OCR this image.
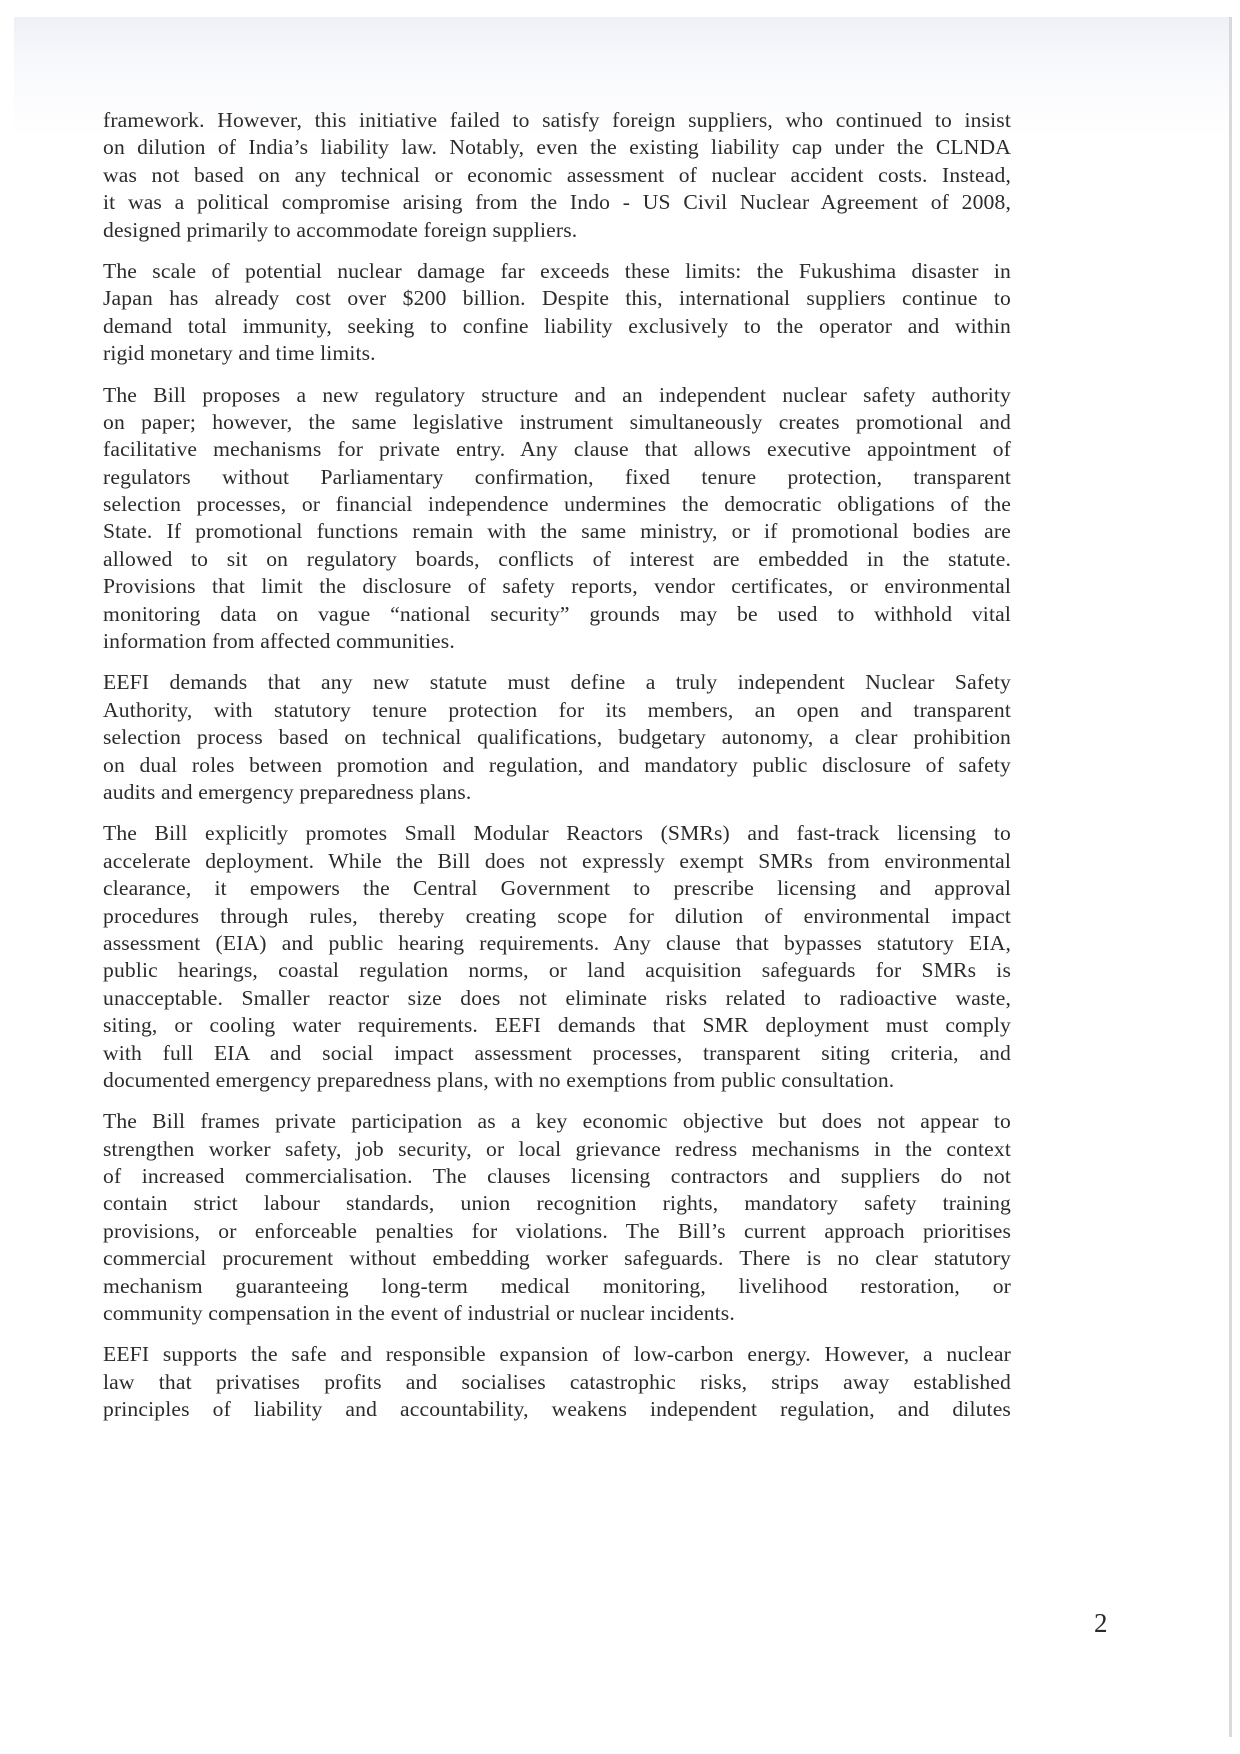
framework. However, this initiative failed to satisfy foreign suppliers, who continued to insist
on dilution of India’s liability law. Notably, even the existing liability cap under the CLNDA
was not based on any technical or economic assessment of nuclear accident costs. Instead,
it was a political compromise arising from the Indo - US Civil Nuclear Agreement of 2008,
designed primarily to accommodate foreign suppliers.

The scale of potential nuclear damage far exceeds these limits: the Fukushima disaster in
Japan has already cost over $200 billion. Despite this, international suppliers continue to
demand total immunity, seeking to confine liability exclusively to the operator and within
rigid monetary and time limits.

The Bill proposes a new regulatory structure and an independent nuclear safety authority
on paper; however, the same legislative instrument simultaneously creates promotional and
facilitative mechanisms for private entry. Any clause that allows executive appointment of
regulators without Parliamentary confirmation, fixed tenure protection, transparent
selection processes, or financial independence undermines the democratic obligations of the
State. If promotional functions remain with the same ministry, or if promotional bodies are
allowed to sit on regulatory boards, conflicts of interest are embedded in the statute.
Provisions that limit the disclosure of safety reports, vendor certificates, or environmental
monitoring data on vague “national security” grounds may be used to withhold vital
information from affected communities.

EEFI demands that any new statute must define a truly independent Nuclear Safety
Authority, with statutory tenure protection for its members, an open and transparent
selection process based on technical qualifications, budgetary autonomy, a clear prohibition
on dual roles between promotion and regulation, and mandatory public disclosure of safety
audits and emergency preparedness plans.

The Bill explicitly promotes Small Modular Reactors (SMRs) and fast-track licensing to
accelerate deployment. While the Bill does not expressly exempt SMRs from environmental
clearance, it empowers the Central Government to prescribe licensing and approval
procedures through rules, thereby creating scope for dilution of environmental impact
assessment (EIA) and public hearing requirements. Any clause that bypasses statutory EIA,
public hearings, coastal regulation norms, or land acquisition safeguards for SMRs is
unacceptable. Smaller reactor size does not eliminate risks related to radioactive waste,
siting, or cooling water requirements. EEFI demands that SMR deployment must comply
with full EIA and social impact assessment processes, transparent siting criteria, and
documented emergency preparedness plans, with no exemptions from public consultation.

The Bill frames private participation as a key economic objective but does not appear to
strengthen worker safety, job security, or local grievance redress mechanisms in the context
of increased commercialisation. The clauses licensing contractors and suppliers do not
contain strict labour standards, union recognition rights, mandatory safety training
provisions, or enforceable penalties for violations. The Bill’s current approach prioritises
commercial procurement without embedding worker safeguards. There is no clear statutory
mechanism guaranteeing long-term medical monitoring, livelihood restoration, or
community compensation in the event of industrial or nuclear incidents.

EEFI supports the safe and responsible expansion of low-carbon energy. However, a nuclear
law that privatises profits and socialises catastrophic risks, strips away established
principles of liability and accountability, weakens independent regulation, and dilutes

2
